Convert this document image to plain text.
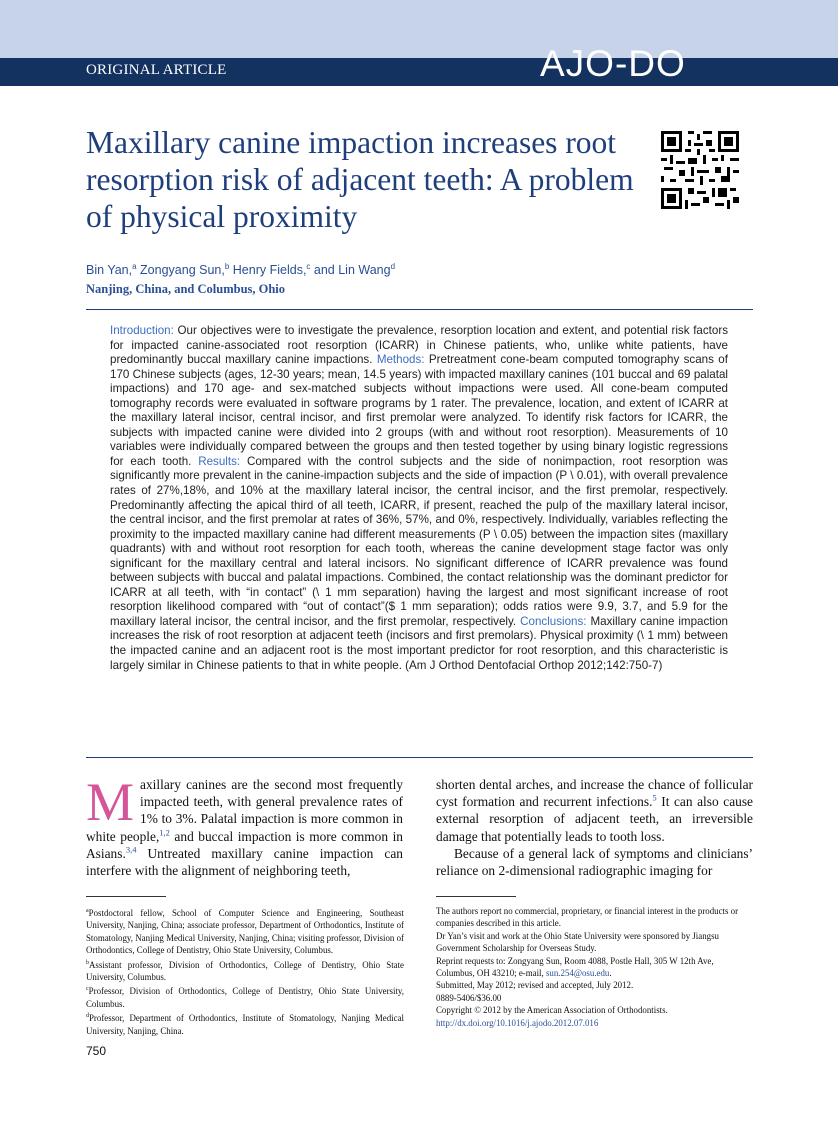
ORIGINAL ARTICLE	AJO-DO
Maxillary canine impaction increases root resorption risk of adjacent teeth: A problem of physical proximity
Bin Yan,$^a$ Zongyang Sun,$^b$ Henry Fields,$^c$ and Lin Wang$^d$
Nanjing, China, and Columbus, Ohio

Introduction: Our objectives were to investigate the prevalence, resorption location and extent, and potential risk factors for impacted canine-associated root resorption (ICARR) in Chinese patients, who, unlike white patients, have predominantly buccal maxillary canine impactions. Methods: Pretreatment cone-beam computed tomography scans of 170 Chinese subjects (ages, 12-30 years; mean, 14.5 years) with impacted maxillary canines (101 buccal and 69 palatal impactions) and 170 age- and sex-matched subjects without impactions were used. All cone-beam computed tomography records were evaluated in software programs by 1 rater. The prevalence, location, and extent of ICARR at the maxillary lateral incisor, central incisor, and first premolar were analyzed. To identify risk factors for ICARR, the subjects with impacted canine were divided into 2 groups (with and without root resorption). Measurements of 10 variables were individually compared between the groups and then tested together by using binary logistic regressions for each tooth. Results: Compared with the control subjects and the side of nonimpaction, root resorption was significantly more prevalent in the canine-impaction subjects and the side of impaction (P \ 0.01), with overall prevalence rates of 27%,18%, and 10% at the maxillary lateral incisor, the central incisor, and the first premolar, respectively. Predominantly affecting the apical third of all teeth, ICARR, if present, reached the pulp of the maxillary lateral incisor, the central incisor, and the first premolar at rates of 36%, 57%, and 0%, respectively. Individually, variables reflecting the proximity to the impacted maxillary canine had different measurements (P \ 0.05) between the impaction sites (maxillary quadrants) with and without root resorption for each tooth, whereas the canine development stage factor was only significant for the maxillary central and lateral incisors. No significant difference of ICARR prevalence was found between subjects with buccal and palatal impactions. Combined, the contact relationship was the dominant predictor for ICARR at all teeth, with “in contact” (\ 1 mm separation) having the largest and most significant increase of root resorption likelihood compared with “out of contact”($ 1 mm separation); odds ratios were 9.9, 3.7, and 5.9 for the maxillary lateral incisor, the central incisor, and the first premolar, respectively. Conclusions: Maxillary canine impaction increases the risk of root resorption at adjacent teeth (incisors and first premolars). Physical proximity (\ 1 mm) between the impacted canine and an adjacent root is the most important predictor for root resorption, and this characteristic is largely similar in Chinese patients to that in white people. (Am J Orthod Dentofacial Orthop 2012;142:750-7)

Maxillary canines are the second most frequently impacted teeth, with general prevalence rates of 1% to 3%. Palatal impaction is more common in white people,$^{1,2}$ and buccal impaction is more common in Asians.$^{3,4}$ Untreated maxillary canine impaction can interfere with the alignment of neighboring teeth,

shorten dental arches, and increase the chance of follicular cyst formation and recurrent infections.$^5$ It can also cause external resorption of adjacent teeth, an irreversible damage that potentially leads to tooth loss.

Because of a general lack of symptoms and clinicians’ reliance on 2-dimensional radiographic imaging for

$^a$Postdoctoral fellow, School of Computer Science and Engineering, Southeast University, Nanjing, China; associate professor, Department of Orthodontics, Institute of Stomatology, Nanjing Medical University, Nanjing, China; visiting professor, Division of Orthodontics, College of Dentistry, Ohio State University, Columbus.

$^b$Assistant professor, Division of Orthodontics, College of Dentistry, Ohio State University, Columbus.

$^c$Professor, Division of Orthodontics, College of Dentistry, Ohio State University, Columbus.

$^d$Professor, Department of Orthodontics, Institute of Stomatology, Nanjing Medical University, Nanjing, China.

The authors report no commercial, proprietary, or financial interest in the products or companies described in this article.

Dr Yan’s visit and work at the Ohio State University were sponsored by Jiangsu Government Scholarship for Overseas Study.

Reprint requests to: Zongyang Sun, Room 4088, Postle Hall, 305 W 12th Ave, Columbus, OH 43210; e-mail, sun.254@osu.edu.

Submitted, May 2012; revised and accepted, July 2012.

0889-5406/$36.00

Copyright © 2012 by the American Association of Orthodontists.

http://dx.doi.org/10.1016/j.ajodo.2012.07.016

750
